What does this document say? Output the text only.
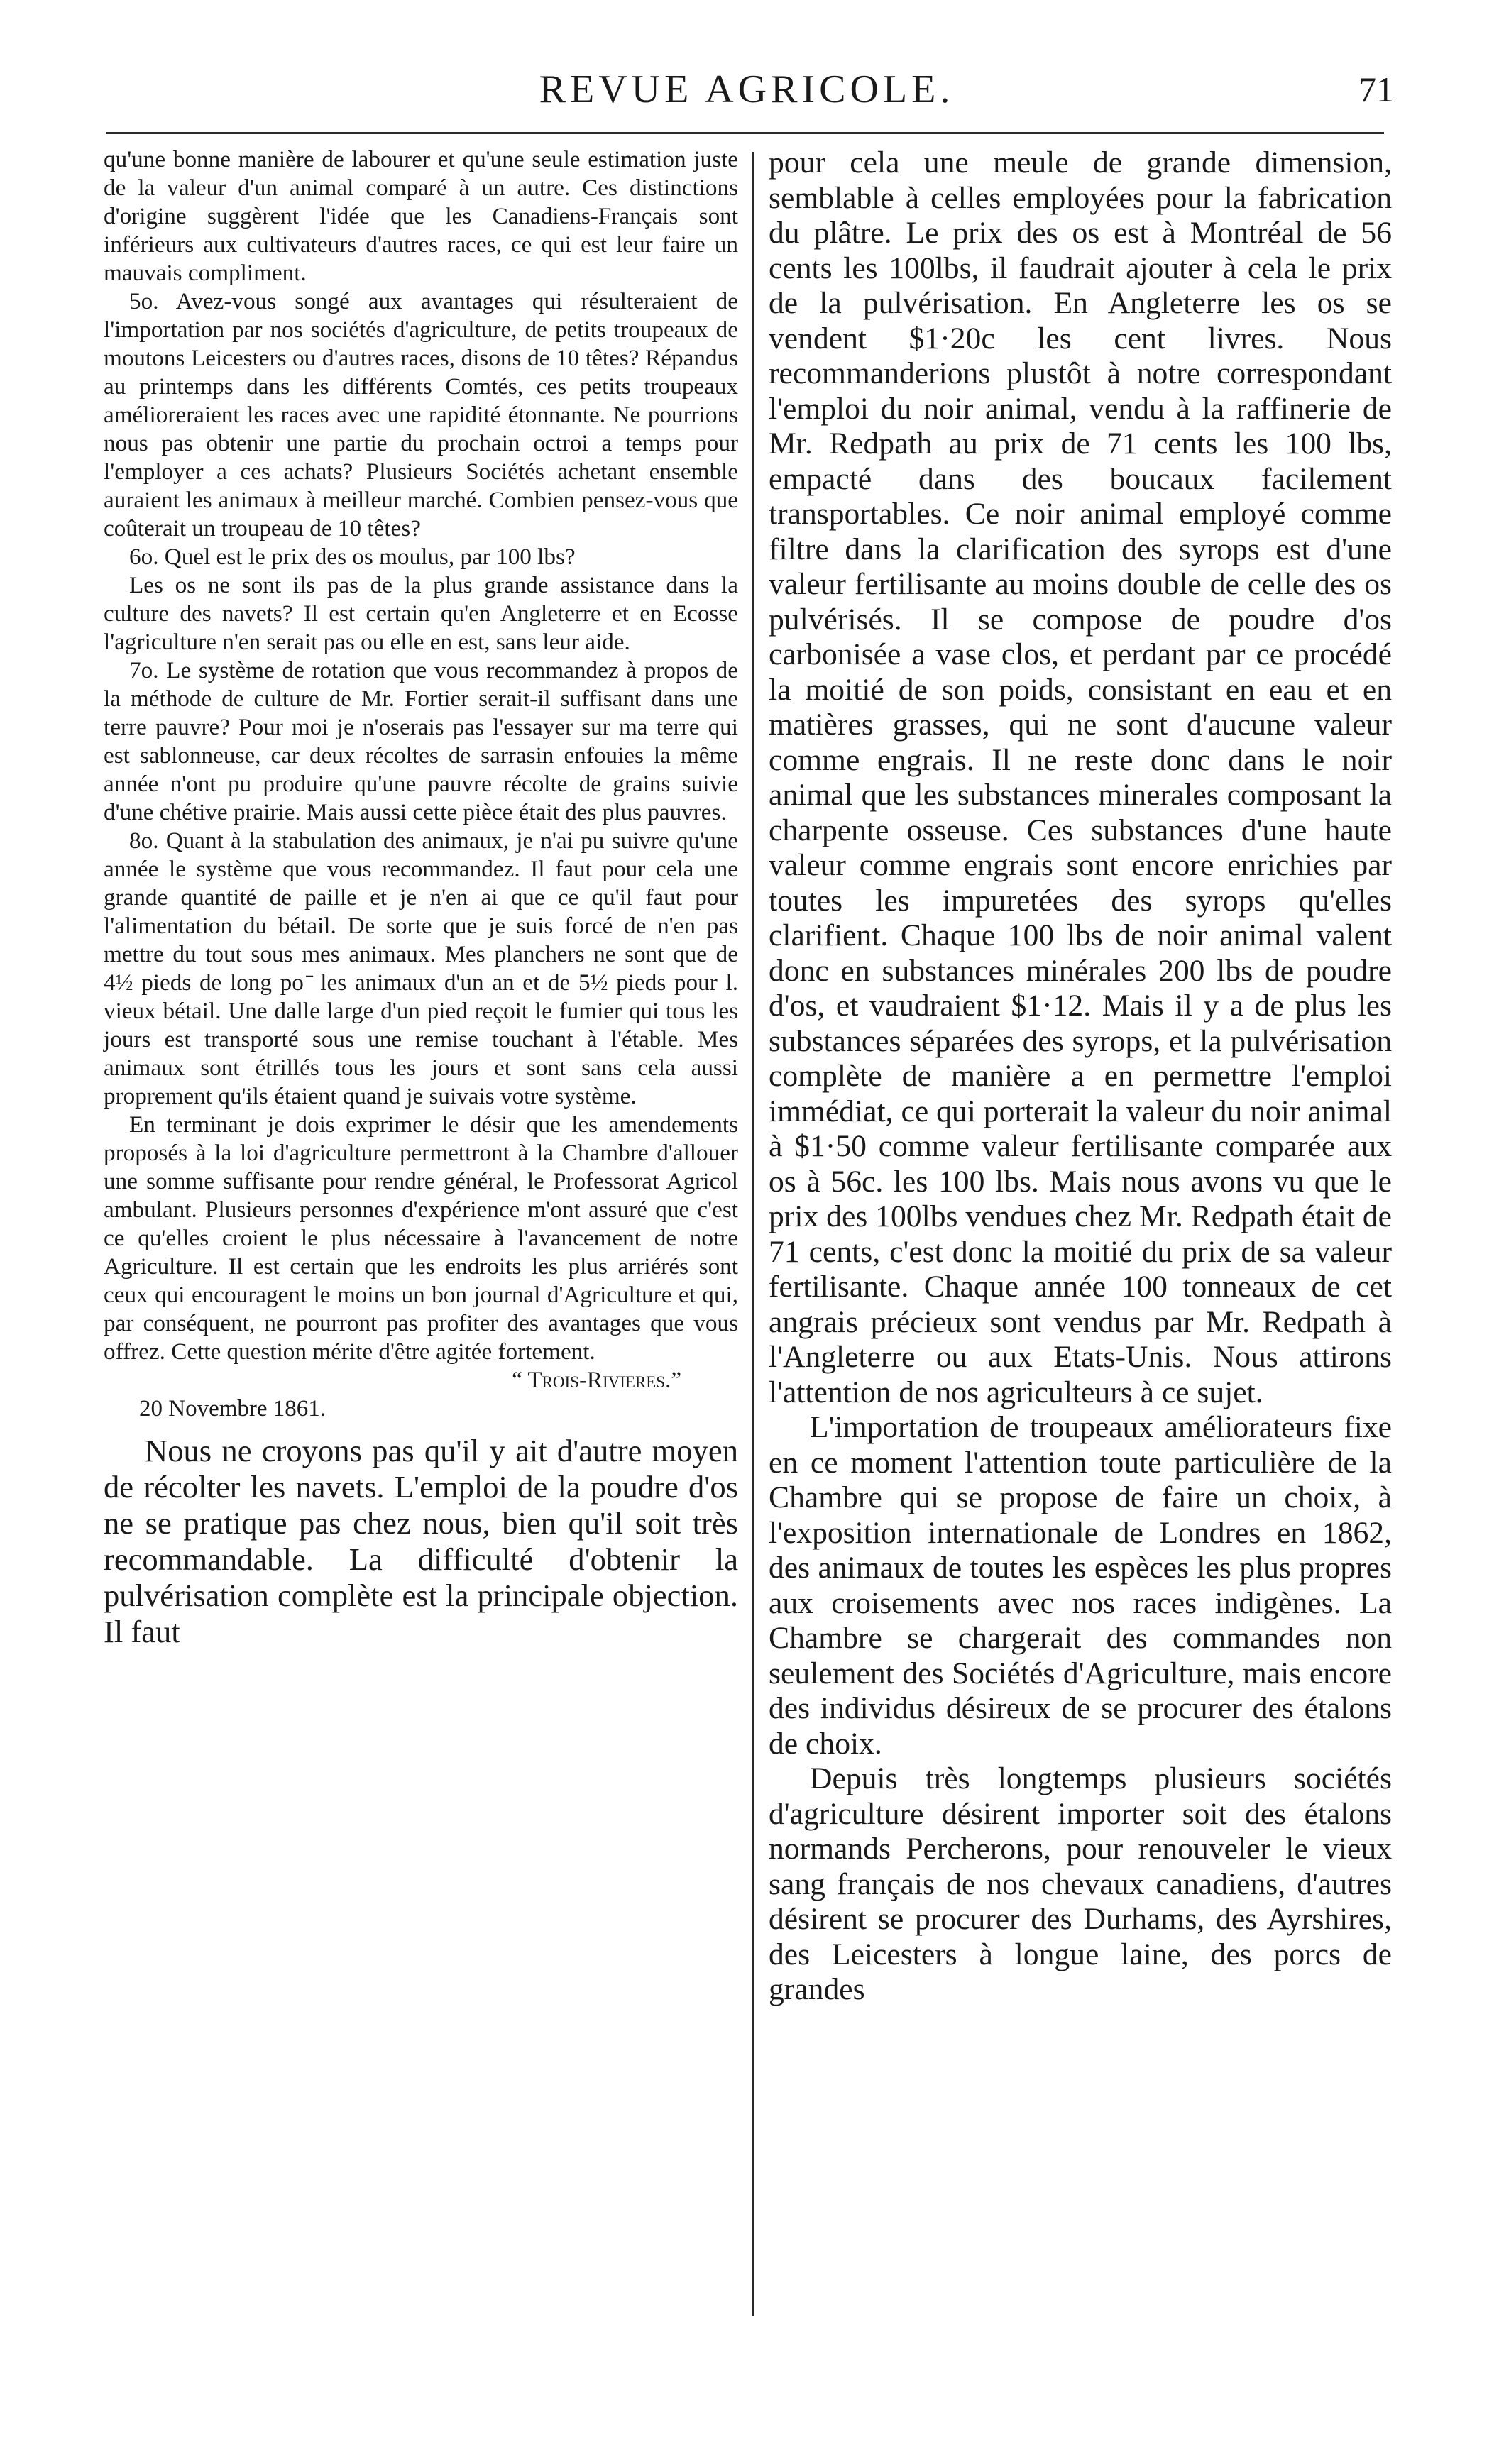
REVUE AGRICOLE.	71

qu'une bonne manière de labourer et qu'une seule estimation juste de la valeur d'un animal comparé à un autre. Ces distinctions d'origine suggèrent l'idée que les Canadiens-Français sont inférieurs aux cultivateurs d'autres races, ce qui est leur faire un mauvais compliment.

5o. Avez-vous songé aux avantages qui résulteraient de l'importation par nos sociétés d'agriculture, de petits troupeaux de moutons Leicesters ou d'autres races, disons de 10 têtes? Répandus au printemps dans les différents Comtés, ces petits troupeaux amélioreraient les races avec une rapidité étonnante. Ne pourrions nous pas obtenir une partie du prochain octroi a temps pour l'employer a ces achats? Plusieurs Sociétés achetant ensemble auraient les animaux à meilleur marché. Combien pensez-vous que coûterait un troupeau de 10 têtes?

6o. Quel est le prix des os moulus, par 100 lbs?

Les os ne sont ils pas de la plus grande assistance dans la culture des navets? Il est certain qu'en Angleterre et en Ecosse l'agriculture n'en serait pas ou elle en est, sans leur aide.

7o. Le système de rotation que vous recommandez à propos de la méthode de culture de Mr. Fortier serait-il suffisant dans une terre pauvre? Pour moi je n'oserais pas l'essayer sur ma terre qui est sablonneuse, car deux récoltes de sarrasin enfouies la même année n'ont pu produire qu'une pauvre récolte de grains suivie d'une chétive prairie. Mais aussi cette pièce était des plus pauvres.

8o. Quant à la stabulation des animaux, je n'ai pu suivre qu'une année le système que vous recommandez. Il faut pour cela une grande quantité de paille et je n'en ai que ce qu'il faut pour l'alimentation du bétail. De sorte que je suis forcé de n'en pas mettre du tout sous mes animaux. Mes planchers ne sont que de 4½ pieds de long po ̄ les animaux d'un an et de 5½ pieds pour l. vieux bétail. Une dalle large d'un pied reçoit le fumier qui tous les jours est transporté sous une remise touchant à l'étable. Mes animaux sont étrillés tous les jours et sont sans cela aussi proprement qu'ils étaient quand je suivais votre système.

En terminant je dois exprimer le désir que les amendements proposés à la loi d'agriculture permettront à la Chambre d'allouer une somme suffisante pour rendre général, le Professorat Agricol ambulant. Plusieurs personnes d'expérience m'ont assuré que c'est ce qu'elles croient le plus nécessaire à l'avancement de notre Agriculture. Il est certain que les endroits les plus arriérés sont ceux qui encouragent le moins un bon journal d'Agriculture et qui, par conséquent, ne pourront pas profiter des avantages que vous offrez. Cette question mérite d'être agitée fortement.

“ Trois-Rivieres.”
20 Novembre 1861.

Nous ne croyons pas qu'il y ait d'autre moyen de récolter les navets. L'emploi de la poudre d'os ne se pratique pas chez nous, bien qu'il soit très recommandable. La difficulté d'obtenir la pulvérisation complète est la principale objection. Il faut

pour cela une meule de grande dimension, semblable à celles employées pour la fabrication du plâtre. Le prix des os est à Montréal de 56 cents les 100lbs, il faudrait ajouter à cela le prix de la pulvérisation. En Angleterre les os se vendent $1·20c les cent livres. Nous recommanderions plustôt à notre correspondant l'emploi du noir animal, vendu à la raffinerie de Mr. Redpath au prix de 71 cents les 100 lbs, empacté dans des boucaux facilement transportables. Ce noir animal employé comme filtre dans la clarification des syrops est d'une valeur fertilisante au moins double de celle des os pulvérisés. Il se compose de poudre d'os carbonisée a vase clos, et perdant par ce procédé la moitié de son poids, consistant en eau et en matières grasses, qui ne sont d'aucune valeur comme engrais. Il ne reste donc dans le noir animal que les substances minerales composant la charpente osseuse. Ces substances d'une haute valeur comme engrais sont encore enrichies par toutes les impuretées des syrops qu'elles clarifient. Chaque 100 lbs de noir animal valent donc en substances minérales 200 lbs de poudre d'os, et vaudraient $1·12. Mais il y a de plus les substances séparées des syrops, et la pulvérisation complète de manière a en permettre l'emploi immédiat, ce qui porterait la valeur du noir animal à $1·50 comme valeur fertilisante comparée aux os à 56c. les 100 lbs. Mais nous avons vu que le prix des 100lbs vendues chez Mr. Redpath était de 71 cents, c'est donc la moitié du prix de sa valeur fertilisante. Chaque année 100 tonneaux de cet angrais précieux sont vendus par Mr. Redpath à l'Angleterre ou aux Etats-Unis. Nous attirons l'attention de nos agriculteurs à ce sujet.

L'importation de troupeaux amélioratеurs fixe en ce moment l'attention toute particulière de la Chambre qui se propose de faire un choix, à l'exposition internationale de Londres en 1862, des animaux de toutes les espèces les plus propres aux croisements avec nos races indigènes. La Chambre se chargerait des commandes non seulement des Sociétés d'Agriculture, mais encore des individus désireux de se procurer des étalons de choix.

Depuis très longtemps plusieurs sociétés d'agriculture désirent importer soit des étalons normands Percherons, pour renouveler le vieux sang français de nos chevaux canadiens, d'autres désirent se procurer des Durhams, des Ayrshires, des Leicesters à longue laine, des porcs de grandes
